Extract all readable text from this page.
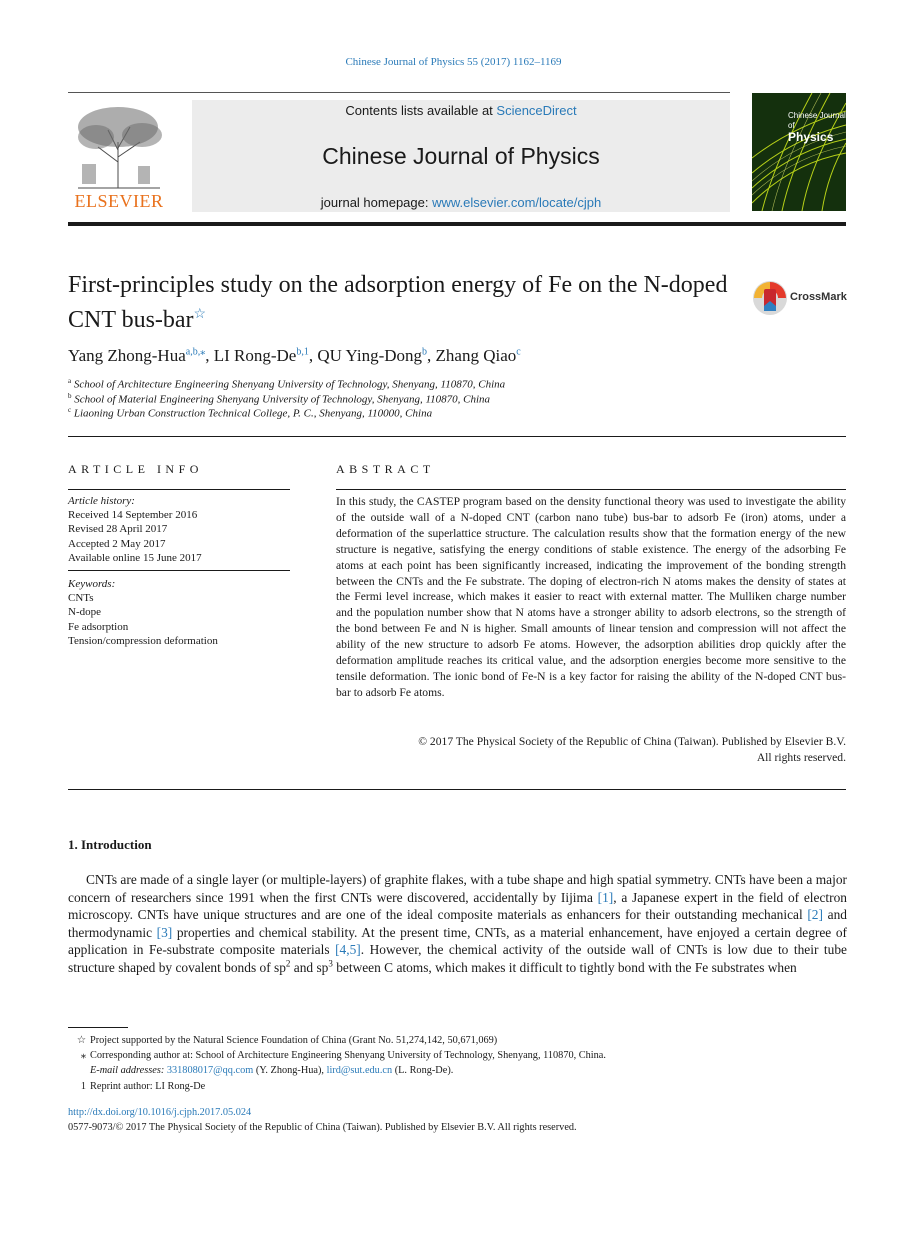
Chinese Journal of Physics 55 (2017) 1162–1169
ELSEVIER
Contents lists available at ScienceDirect
Chinese Journal of Physics
journal homepage: www.elsevier.com/locate/cjph
Chinese Journal of
Physics
First-principles study on the adsorption energy of Fe on the N-doped CNT bus-bar☆
CrossMark
Yang Zhong-Hua$^{a,b,⁎}$, LI Rong-De$^{b,1}$, QU Ying-Dong$^b$, Zhang Qiao$^c$
$^a$ School of Architecture Engineering Shenyang University of Technology, Shenyang, 110870, China
$^b$ School of Material Engineering Shenyang University of Technology, Shenyang, 110870, China
$^c$ Liaoning Urban Construction Technical College, P. C., Shenyang, 110000, China
ARTICLE INFO
Article history:
Received 14 September 2016
Revised 28 April 2017
Accepted 2 May 2017
Available online 15 June 2017
Keywords:
CNTs
N-dope
Fe adsorption
Tension/compression deformation
ABSTRACT
In this study, the CASTEP program based on the density functional theory was used to investigate the ability of the outside wall of a N-doped CNT (carbon nano tube) bus-bar to adsorb Fe (iron) atoms, under a deformation of the superlattice structure. The calculation results show that the formation energy of the new structure is negative, satisfying the energy conditions of stable existence. The energy of the adsorbing Fe atoms at each point has been significantly increased, indicating the improvement of the bonding strength between the CNTs and the Fe substrate. The doping of electron-rich N atoms makes the density of states at the Fermi level increase, which makes it easier to react with external matter. The Mulliken charge number and the population number show that N atoms have a stronger ability to adsorb electrons, so the strength of the bond between Fe and N is higher. Small amounts of linear tension and compression will not affect the ability of the new structure to adsorb Fe atoms. However, the adsorption abilities drop quickly after the deformation amplitude reaches its critical value, and the adsorption energies become more sensitive to the tensile deformation. The ionic bond of Fe-N is a key factor for raising the ability of the N-doped CNT bus-bar to adsorb Fe atoms.
© 2017 The Physical Society of the Republic of China (Taiwan). Published by Elsevier B.V.
All rights reserved.
1. Introduction
CNTs are made of a single layer (or multiple-layers) of graphite flakes, with a tube shape and high spatial symmetry. CNTs have been a major concern of researchers since 1991 when the first CNTs were discovered, accidentally by Iijima [1], a Japanese expert in the field of electron microscopy. CNTs have unique structures and are one of the ideal composite materials as enhancers for their outstanding mechanical [2] and thermodynamic [3] properties and chemical stability. At the present time, CNTs, as a material enhancement, have enjoyed a certain degree of application in Fe-substrate composite materials [4,5]. However, the chemical activity of the outside wall of CNTs is low due to their tube structure shaped by covalent bonds of $sp^2$ and $sp^3$ between C atoms, which makes it difficult to tightly bond with the Fe substrates when
☆ Project supported by the Natural Science Foundation of China (Grant No. 51,274,142, 50,671,069)
⁎ Corresponding author at: School of Architecture Engineering Shenyang University of Technology, Shenyang, 110870, China.
E-mail addresses: 331808017@qq.com (Y. Zhong-Hua), lird@sut.edu.cn (L. Rong-De).
1 Reprint author: LI Rong-De
http://dx.doi.org/10.1016/j.cjph.2017.05.024
0577-9073/© 2017 The Physical Society of the Republic of China (Taiwan). Published by Elsevier B.V. All rights reserved.
